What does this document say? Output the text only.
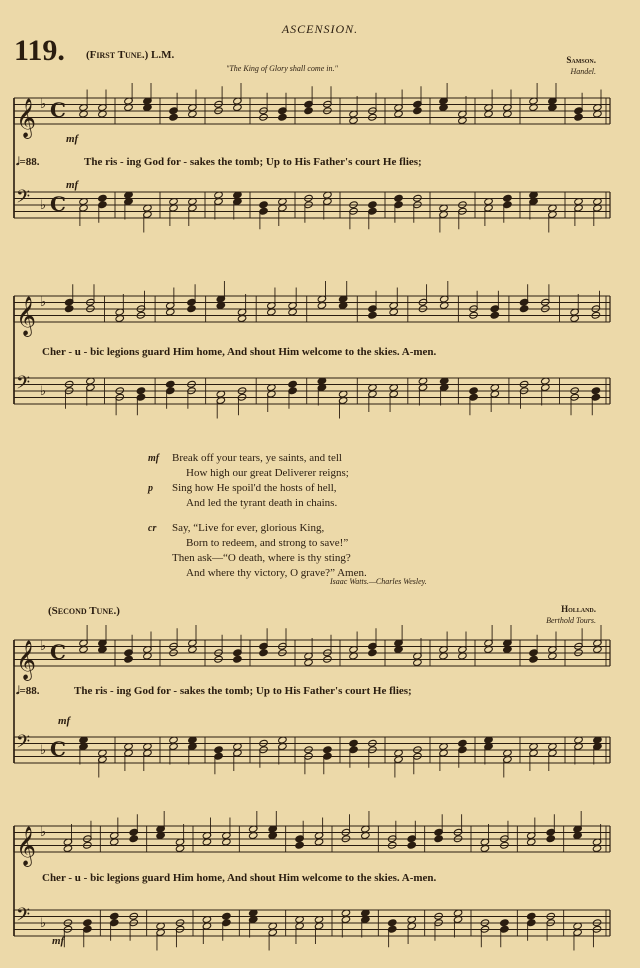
ASCENSION.
119. (First Tune.) L.M.
"The King of Glory shall come in."
Samson.
Handel.
𝄞 ♭ C
𝄢 ♭ C
𝄞 ♭
𝄢 ♭
𝄞 ♭ C
𝄢 ♭ C
𝄞 ♭
𝄢 ♭
mf
𝅗𝅥=88.	The ris - ing God for - sakes the tomb; Up to His Father's court He flies;
mf
Cher - u - bic legions guard Him home, And shout Him welcome to the skies. A-men.
mf Break off your tears, ye saints, and tell
How high our great Deliverer reigns;
p Sing how He spoil'd the hosts of hell,
And led the tyrant death in chains.
cr Say, “Live for ever, glorious King,
Born to redeem, and strong to save!”
Then ask—“O death, where is thy sting?
And where thy victory, O grave?” Amen.
Isaac Watts.—Charles Wesley.
(Second Tune.)	Holland.
Berthold Tours.
𝅗𝅥=88.	The ris - ing God for - sakes the tomb; Up to His Father's court He flies;
mf
Cher - u - bic legions guard Him home, And shout Him welcome to the skies. A-men.
mf
